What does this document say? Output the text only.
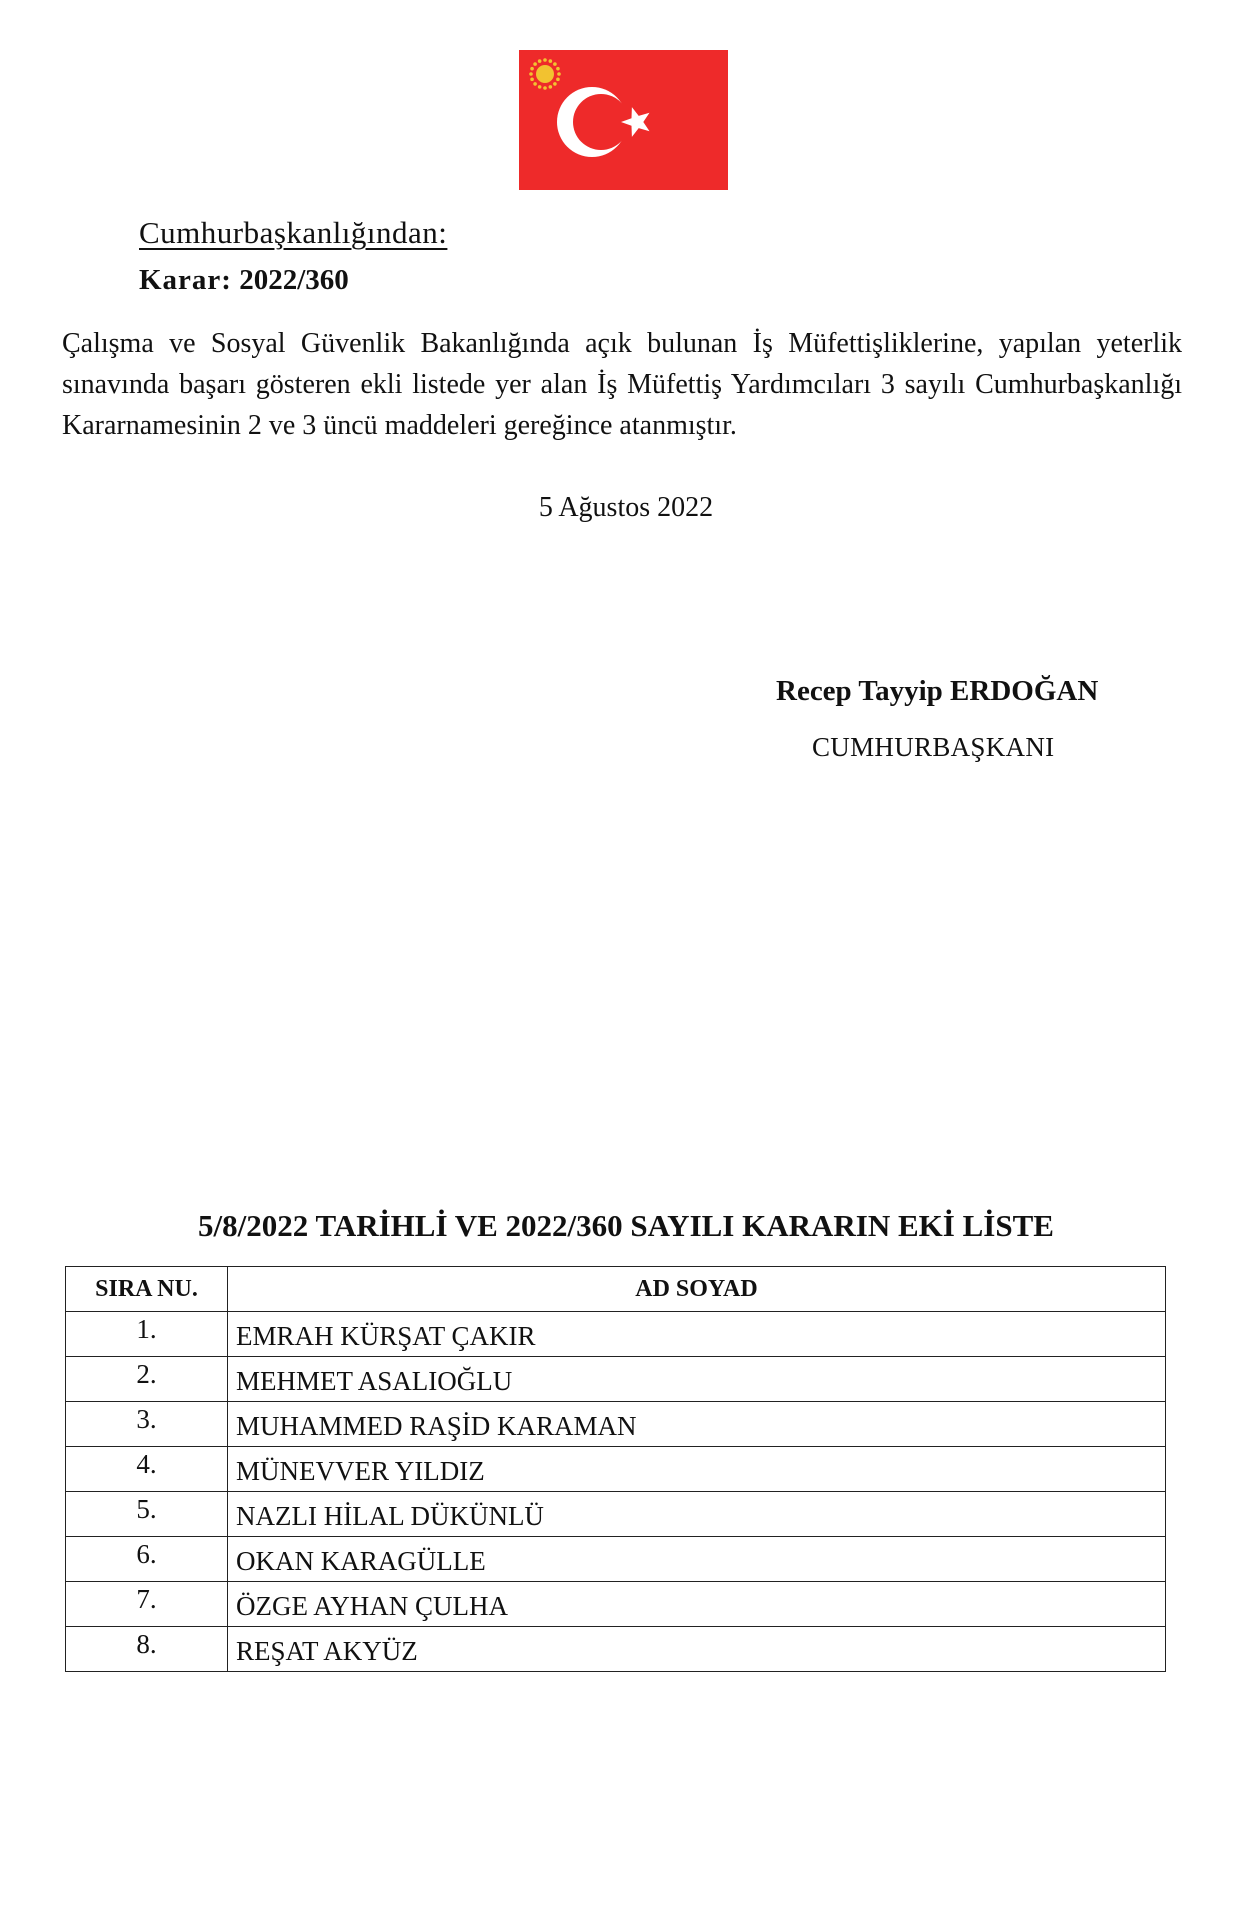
Cumhurbaşkanlığından:
Karar: 2022/360
Çalışma ve Sosyal Güvenlik Bakanlığında açık bulunan İş Müfettişliklerine, yapılan yeterlik sınavında başarı gösteren ekli listede yer alan İş Müfettiş Yardımcıları 3 sayılı Cumhurbaşkanlığı Kararnamesinin 2 ve 3 üncü maddeleri gereğince atanmıştır.
5 Ağustos 2022
Recep Tayyip ERDOĞAN
CUMHURBAŞKANI
5/8/2022 TARİHLİ VE 2022/360 SAYILI KARARIN EKİ LİSTE
SIRA NU.	AD SOYAD
1.	EMRAH KÜRŞAT ÇAKIR
2.	MEHMET ASALIOĞLU
3.	MUHAMMED RAŞİD KARAMAN
4.	MÜNEVVER YILDIZ
5.	NAZLI HİLAL DÜKÜNLÜ
6.	OKAN KARAGÜLLE
7.	ÖZGE AYHAN ÇULHA
8.	REŞAT AKYÜZ
